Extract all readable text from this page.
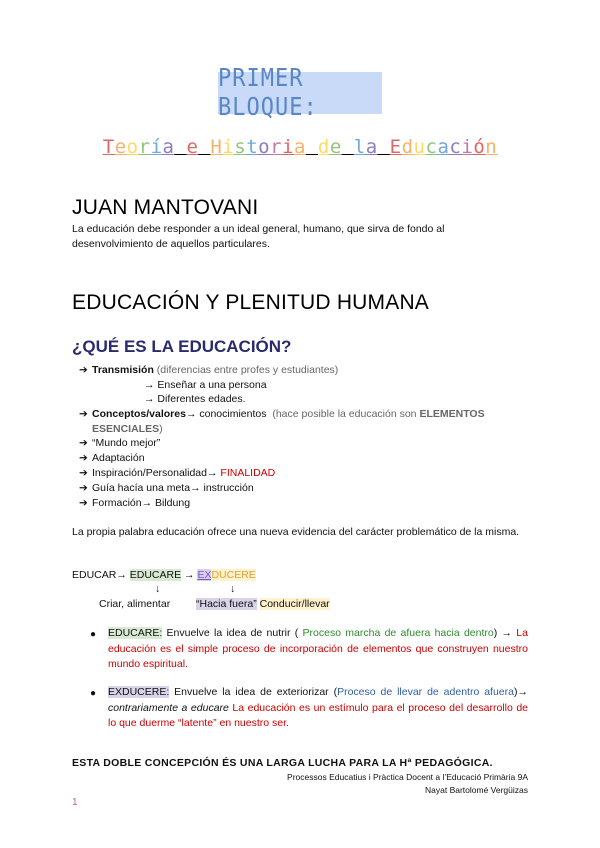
PRIMER BLOQUE:
Teoría e Historia de la Educación
JUAN MANTOVANI
La educación debe responder a un ideal general, humano, que sirva de fondo al desenvolvimiento de aquellos particulares.
EDUCACIÓN Y PLENITUD HUMANA
¿QUÉ ES LA EDUCACIÓN?
➔ Transmisión (diferencias entre profes y estudiantes)
→ Enseñar a una persona
→ Diferentes edades.
➔ Conceptos/valores→ conocimientos (hace posible la educación son ELEMENTOS
ESENCIALES)
➔ “Mundo mejor”
➔ Adaptación
➔ Inspiración/Personalidad→ FINALIDAD
➔ Guía hacía una meta→ instrucción
➔ Formación→ Bildung
La propia palabra educación ofrece una nueva evidencia del carácter problemático de la misma.
EDUCAR→ EDUCARE → EXDUCERE
↓	↓
Criar, alimentar “Hacia fuera” Conducir/llevar
● EDUCARE: Envuelve la idea de nutrir ( Proceso marcha de afuera hacia dentro) → La educación es el simple proceso de incorporación de elementos que construyen nuestro mundo espiritual.
● EXDUCERE: Envuelve la idea de exteriorizar (Proceso de llevar de adentro afuera)→ contrariamente a educare La educación es un estímulo para el proceso del desarrollo de lo que duerme “latente” en nuestro ser.
ESTA DOBLE CONCEPCIÓN ÉS UNA LARGA LUCHA PARA LA Hª PEDAGÓGICA.
Processos Educatius i Pràctica Docent a l’Educació Primària 9A
Nayat Bartolomé Vergüizas
1
